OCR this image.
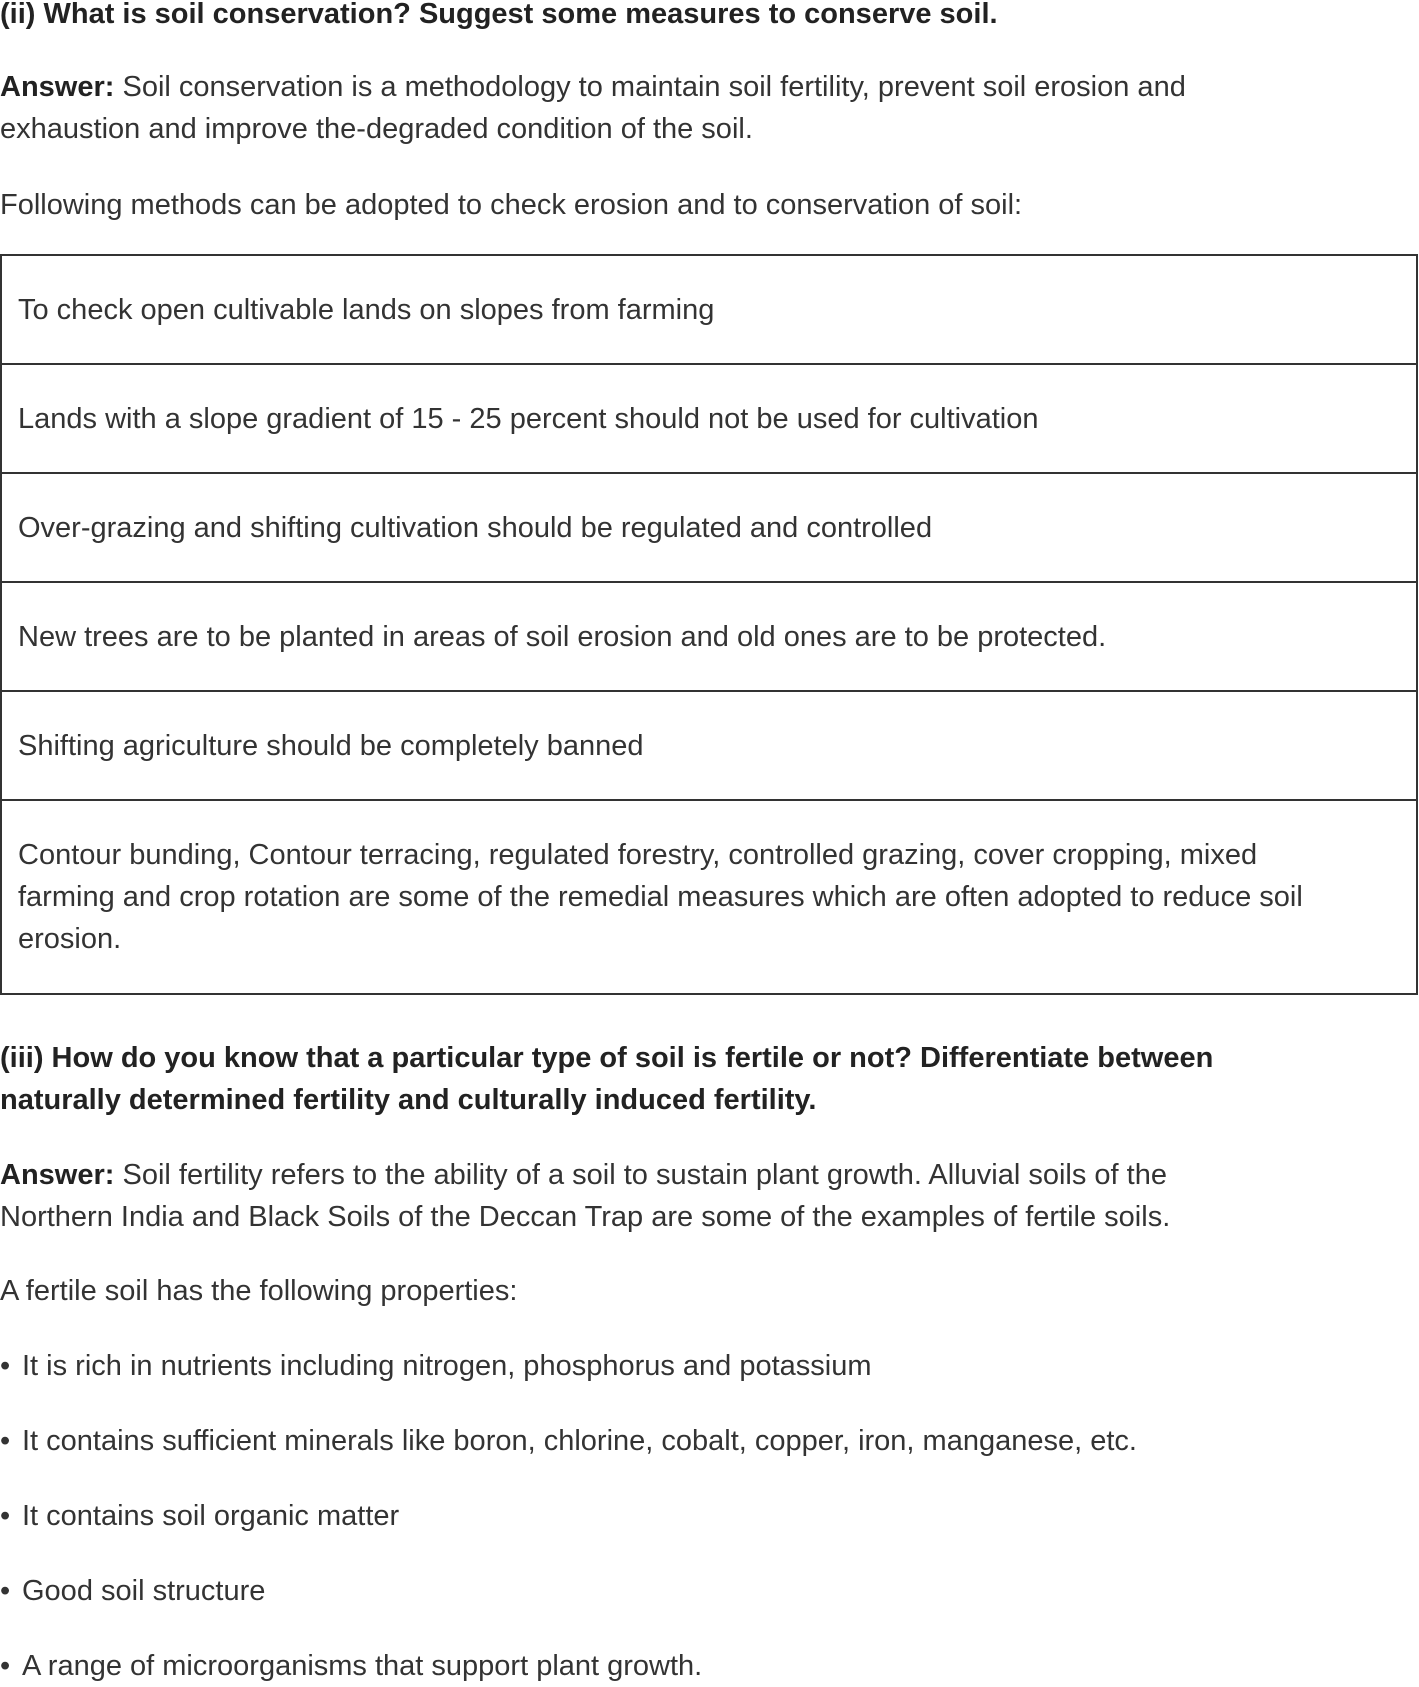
(ii) What is soil conservation? Suggest some measures to conserve soil.

Answer: Soil conservation is a methodology to maintain soil fertility, prevent soil erosion and exhaustion and improve the-degraded condition of the soil.

Following methods can be adopted to check erosion and to conservation of soil:

To check open cultivable lands on slopes from farming
Lands with a slope gradient of 15 - 25 percent should not be used for cultivation
Over-grazing and shifting cultivation should be regulated and controlled
New trees are to be planted in areas of soil erosion and old ones are to be protected.
Shifting agriculture should be completely banned
Contour bunding, Contour terracing, regulated forestry, controlled grazing, cover cropping, mixed farming and crop rotation are some of the remedial measures which are often adopted to reduce soil erosion.

(iii) How do you know that a particular type of soil is fertile or not? Differentiate between naturally determined fertility and culturally induced fertility.

Answer: Soil fertility refers to the ability of a soil to sustain plant growth. Alluvial soils of the Northern India and Black Soils of the Deccan Trap are some of the examples of fertile soils.

A fertile soil has the following properties:

• It is rich in nutrients including nitrogen, phosphorus and potassium

• It contains sufficient minerals like boron, chlorine, cobalt, copper, iron, manganese, etc.

• It contains soil organic matter

• Good soil structure

• A range of microorganisms that support plant growth.
